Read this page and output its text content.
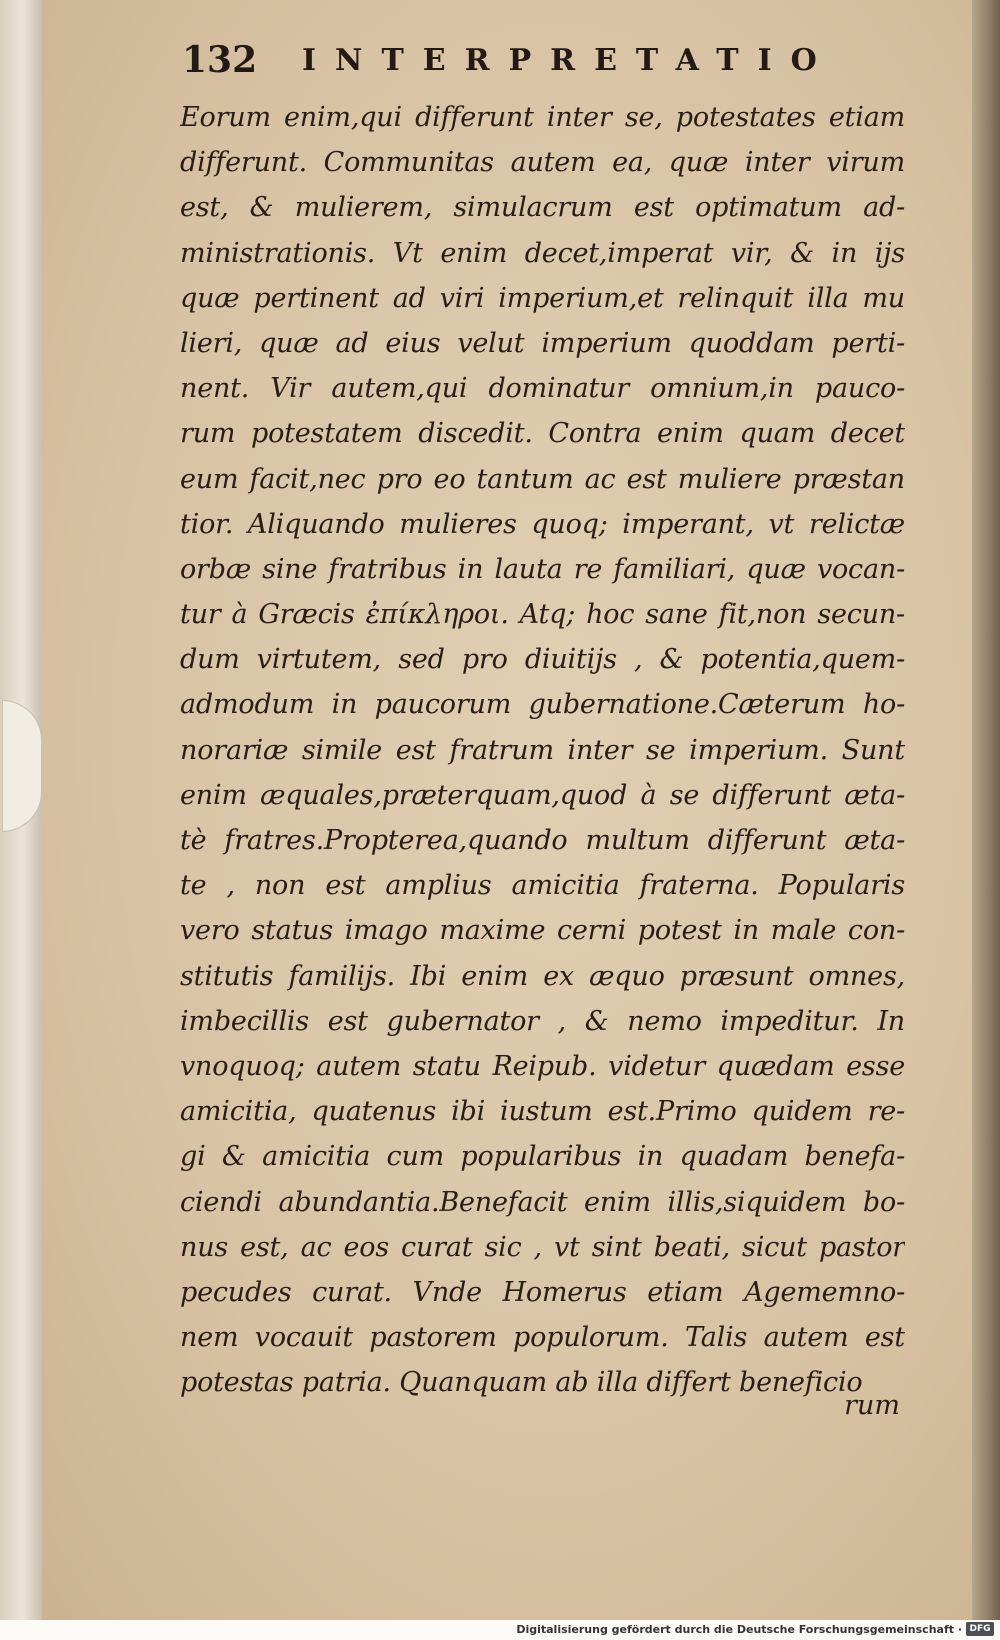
132	INTERPRETATIO
Eorum enim,qui differunt inter se, potestates etiam
differunt. Communitas autem ea, quæ inter virum
est, & mulierem, simulacrum est optimatum ad-
ministrationis. Vt enim decet,imperat vir, & in ijs
quæ pertinent ad viri imperium,et relinquit illa mu
lieri, quæ ad eius velut imperium quoddam perti-
nent. Vir autem,qui dominatur omnium,in pauco-
rum potestatem discedit. Contra enim quam decet
eum facit,nec pro eo tantum ac est muliere præstan
tior. Aliquando mulieres quoq; imperant, vt relictæ
orbæ sine fratribus in lauta re familiari, quæ vocan-
tur à Græcis ἐπίκληροι. Atq; hoc sane fit,non secun-
dum virtutem, sed pro diuitijs , & potentia,quem-
admodum in paucorum gubernatione.Cæterum ho-
norariæ simile est fratrum inter se imperium. Sunt
enim æquales,præterquam,quod à se differunt æta-
tè fratres.Propterea,quando multum differunt æta-
te , non est amplius amicitia fraterna. Popularis
vero status imago maxime cerni potest in male con-
stitutis familijs. Ibi enim ex æquo præsunt omnes,
imbecillis est gubernator , & nemo impeditur. In
vnoquoq; autem statu Reipub. videtur quædam esse
amicitia, quatenus ibi iustum est.Primo quidem re-
gi & amicitia cum popularibus in quadam benefa-
ciendi abundantia.Benefacit enim illis,siquidem bo-
nus est, ac eos curat sic , vt sint beati, sicut pastor
pecudes curat. Vnde Homerus etiam Agememno-
nem vocauit pastorem populorum. Talis autem est
potestas patria. Quanquam ab illa differt beneficio
rum
Digitalisierung gefördert durch die Deutsche Forschungsgemeinschaft · DFG
